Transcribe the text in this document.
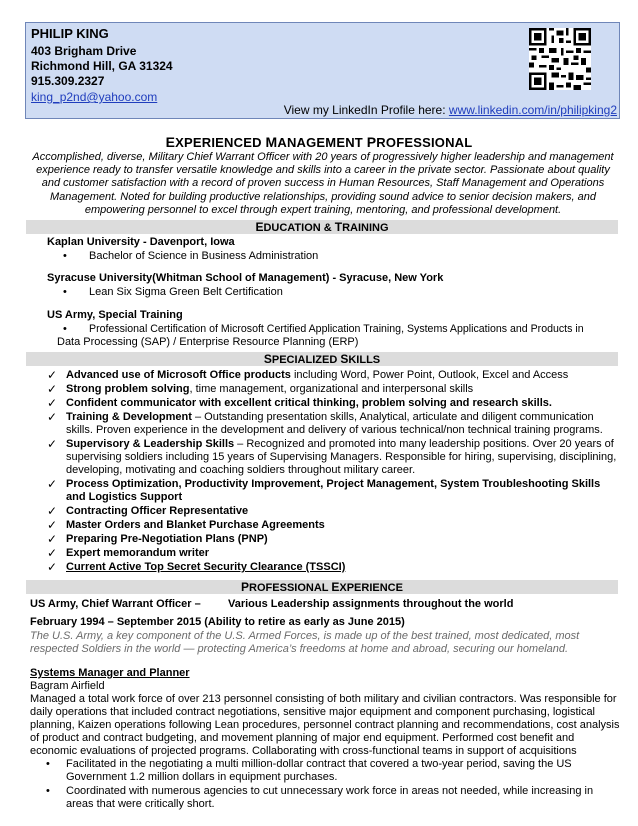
PHILIP KING
403 Brigham Drive
Richmond Hill, GA 31324
915.309.2327
king_p2nd@yahoo.com
View my LinkedIn Profile here: www.linkedin.com/in/philipking2
EXPERIENCED MANAGEMENT PROFESSIONAL
Accomplished, diverse, Military Chief Warrant Officer with 20 years of progressively higher leadership and management experience ready to transfer versatile knowledge and skills into a career in the private sector. Passionate about quality and customer satisfaction with a record of proven success in Human Resources, Staff Management and Operations Management. Noted for building productive relationships, providing sound advice to senior decision makers, and empowering personnel to excel through expert training, mentoring, and professional development.
EDUCATION & TRAINING
Kaplan University - Davenport, Iowa
• Bachelor of Science in Business Administration
Syracuse University(Whitman School of Management) - Syracuse, New York
• Lean Six Sigma Green Belt Certification
US Army, Special Training
• Professional Certification of Microsoft Certified Application Training, Systems Applications and Products in
Data Processing (SAP) / Enterprise Resource Planning (ERP)
SPECIALIZED SKILLS
✓ Advanced use of Microsoft Office products including Word, Power Point, Outlook, Excel and Access
✓ Strong problem solving, time management, organizational and interpersonal skills
✓ Confident communicator with excellent critical thinking, problem solving and research skills.
✓ Training & Development – Outstanding presentation skills, Analytical, articulate and diligent communication
skills. Proven experience in the development and delivery of various technical/non technical training programs.
✓ Supervisory & Leadership Skills – Recognized and promoted into many leadership positions. Over 20 years of
supervising soldiers including 15 years of Supervising Managers. Responsible for hiring, supervising, disciplining,
developing, motivating and coaching soldiers throughout military career.
✓ Process Optimization, Productivity Improvement, Project Management, System Troubleshooting Skills
and Logistics Support
✓ Contracting Officer Representative
✓ Master Orders and Blanket Purchase Agreements
✓ Preparing Pre-Negotiation Plans (PNP)
✓ Expert memorandum writer
✓ Current Active Top Secret Security Clearance (TSSCI)
PROFESSIONAL EXPERIENCE
US Army, Chief Warrant Officer – Various Leadership assignments throughout the world
February 1994 – September 2015 (Ability to retire as early as June 2015)
The U.S. Army, a key component of the U.S. Armed Forces, is made up of the best trained, most dedicated, most
respected Soldiers in the world — protecting America’s freedoms at home and abroad, securing our homeland.
Systems Manager and Planner
Bagram Airfield
Managed a total work force of over 213 personnel consisting of both military and civilian contractors. Was responsible for
daily operations that included contract negotiations, sensitive major equipment and component purchasing, logistical
planning, Kaizen operations following Lean procedures, personnel contract planning and recommendations, cost analysis
of product and contract budgeting, and movement planning of major end equipment. Performed cost benefit and
economic evaluations of projected programs. Collaborating with cross-functional teams in support of acquisitions
• Facilitated in the negotiating a multi million-dollar contract that covered a two-year period, saving the US
Government 1.2 million dollars in equipment purchases.
• Coordinated with numerous agencies to cut unnecessary work force in areas not needed, while increasing in
areas that were critically short.
